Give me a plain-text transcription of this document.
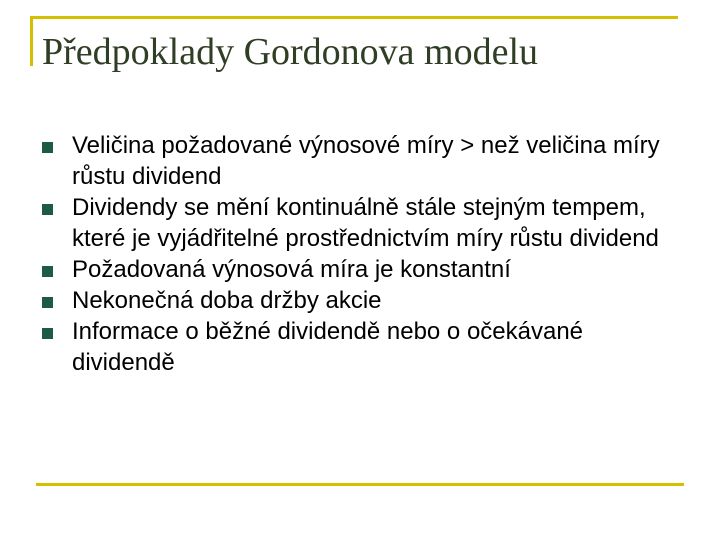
Předpoklady Gordonova modelu
Veličina požadované výnosové míry > než veličina míry růstu dividend
Dividendy se mění kontinuálně stále stejným tempem, které je vyjádřitelné prostřednictvím míry růstu dividend
Požadovaná výnosová míra je konstantní
Nekonečná doba držby akcie
Informace o běžné dividendě nebo o očekávané dividendě
